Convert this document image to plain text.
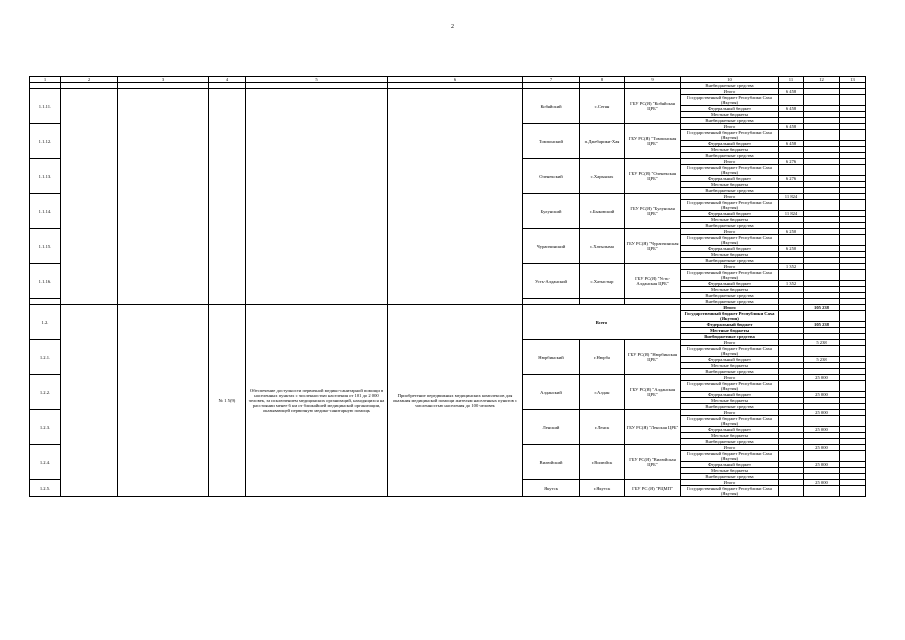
2
1	2	3	4	5	6	7	8	9	10	11	12	13
									Внебюджетные средства			
1.1.11.						Кобяйский	с.Сегян	ГБУ РС(Я) "Кобяйская ЦРБ"	Итого	6 458		
									Государственный бюджет Республики Саха (Якутия)			
									Федеральный бюджет	6 458		
									Местные бюджеты			
									Внебюджетные средства			
1.1.12.						Томпонский	п.Джебарики-Хая	ГБУ РС(Я) "Томпонская ЦРБ"	Итого	6 458		
									Государственный бюджет Республики Саха (Якутия)			
									Федеральный бюджет	6 458		
									Местные бюджеты			
									Внебюджетные средства			
1.1.13.						Оленекский	с.Харыялах	ГБУ РС(Я) "Оленекская ЦРБ"	Итого	6 276		
									Государственный бюджет Республики Саха (Якутия)			
									Федеральный бюджет	6 276		
									Местные бюджеты			
									Внебюджетные средства			
1.1.14.						Булунский	с.Быковский	ГБУ РС(Я) "Булунская ЦРБ"	Итого	11 824		
									Государственный бюджет Республики Саха (Якутия)			
									Федеральный бюджет	11 824		
									Местные бюджеты			
									Внебюджетные средства			
1.1.15.						Чурапчинский	с.Хатылыма	ГБУ РС(Я) "Чурапчинская ЦРБ"	Итого	6 250		
									Государственный бюджет Республики Саха (Якутия)			
									Федеральный бюджет	6 250		
									Местные бюджеты			
									Внебюджетные средства			
1.1.16.						Усть-Алданский	с.Хатыстыр	ГБУ РС(Я) "Усть-Алданская ЦРБ"	Итого	1 352		
									Государственный бюджет Республики Саха (Якутия)			
									Федеральный бюджет	1 352		
									Местные бюджеты			
									Внебюджетные средства			
									Внебюджетные средства			
1.2.			№ 1 5(9)	Обеспечение доступности первичной медико-санитарной помощи в населенных пунктах с численностью населения от 101 до 2 000 человек, за исключением медицинских организаций, находящихся на расстоянии менее 6 км от ближайшей медицинской организации, оказывающей первичную медико-санитарную помощь	Приобретение передвижных медицинских комплексов для оказания медицинской помощи жителям населенных пунктов с численностью населения до 100 человек	Всего			Итого		105 238	
									Государственный бюджет Республики Саха (Якутия)			
									Федеральный бюджет		105 238	
									Местные бюджеты			
									Внебюджетные средства			
1.2.1.						Нюрбинский	г.Нюрба	ГБУ РС(Я) "Нюрбинская ЦРБ"	Итого		5 238	
									Государственный бюджет Республики Саха (Якутия)			
									Федеральный бюджет		5 238	
									Местные бюджеты			
									Внебюджетные средства			
1.2.2.						Алданский	г.Алдан	ГБУ РС(Я) "Алданская ЦРБ"	Итого		25 000	
									Государственный бюджет Республики Саха (Якутия)			
									Федеральный бюджет		25 000	
									Местные бюджеты			
									Внебюджетные средства			
1.2.3.						Ленский	г.Ленск	ГБУ РС(Я) "Ленская ЦРБ"	Итого		25 000	
									Государственный бюджет Республики Саха (Якутия)			
									Федеральный бюджет		25 000	
									Местные бюджеты			
									Внебюджетные средства			
1.2.4.						Вилюйский	г.Вилюйск	ГБУ РС(Я) "Вилюйская ЦРБ"	Итого		25 000	
									Государственный бюджет Республики Саха (Якутия)			
									Федеральный бюджет		25 000	
									Местные бюджеты			
									Внебюджетные средства			
1.2.5.						Якутск	г.Якутск	ГБУ РС (Я) "РЦМП"	Итого		25 000	
									Государственный бюджет Республики Саха (Якутия)			
